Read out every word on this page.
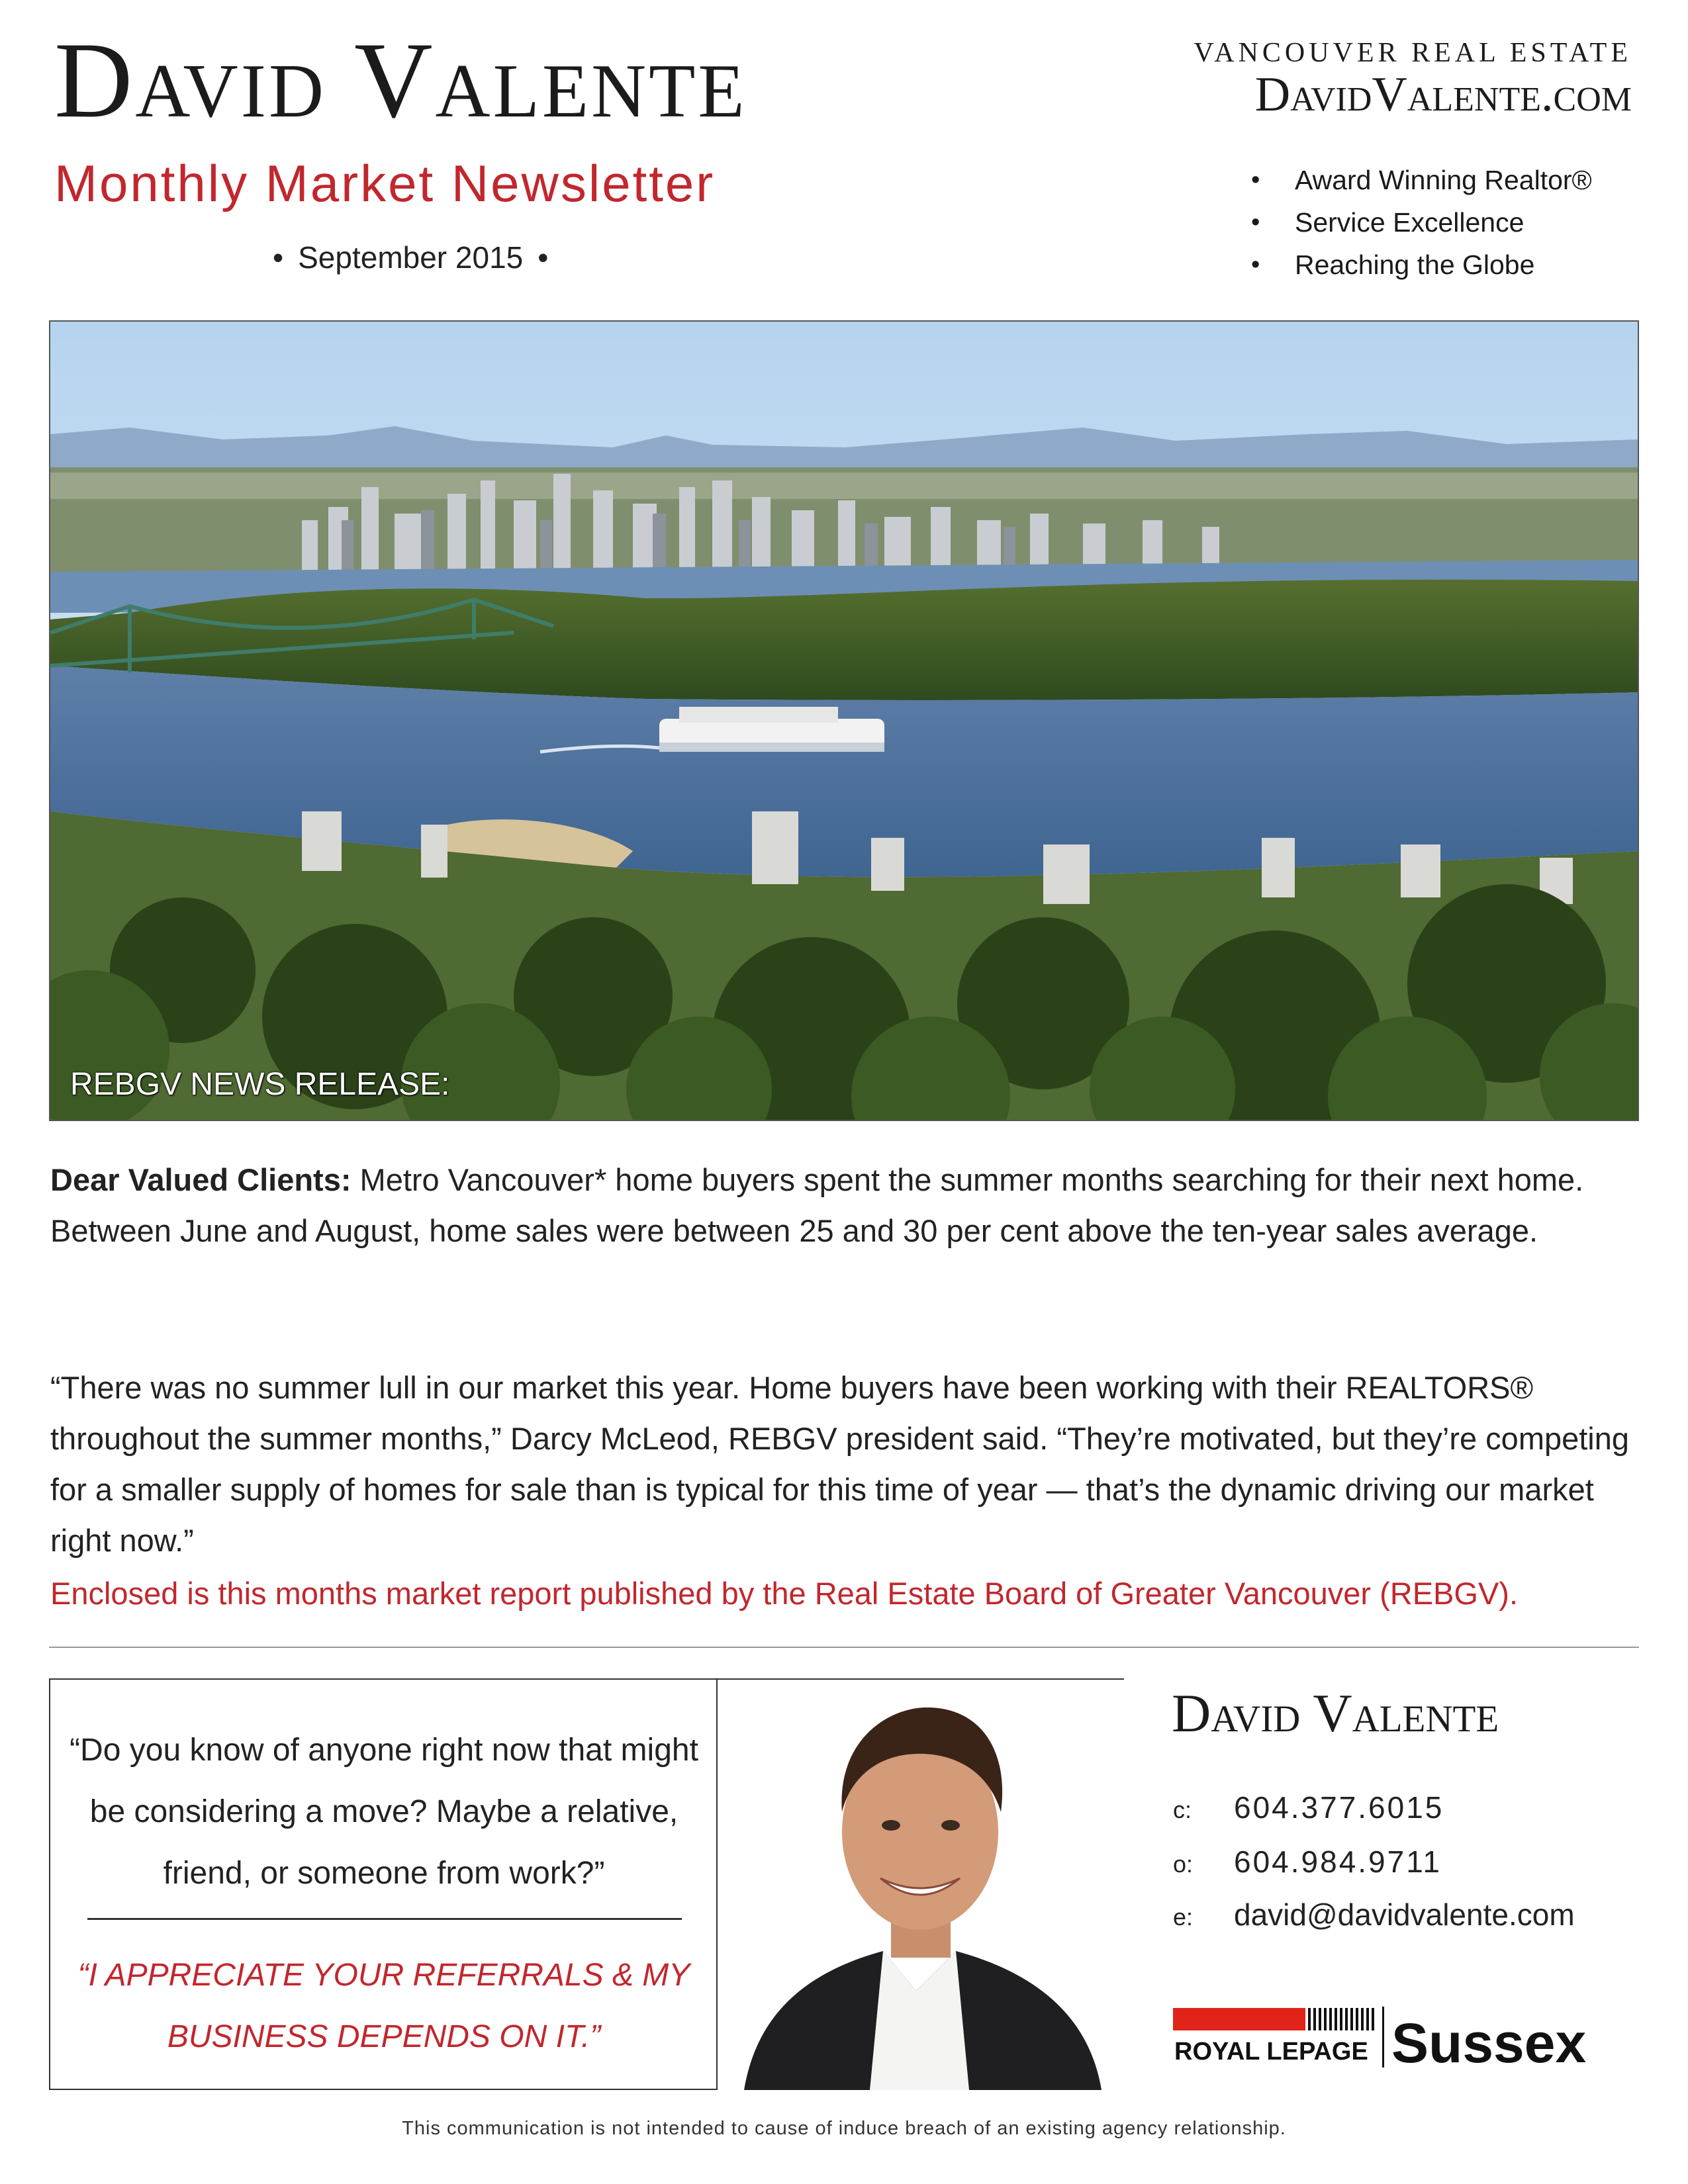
David Valente	VANCOUVER REAL ESTATE
DavidValente.com
Monthly Market Newsletter
• September 2015 •
• Award Winning Realtor®
• Service Excellence
• Reaching the Globe
REBGV NEWS RELEASE:
Dear Valued Clients: Metro Vancouver* home buyers spent the summer months searching for their next home. Between June and August, home sales were between 25 and 30 per cent above the ten-year sales average.
“There was no summer lull in our market this year. Home buyers have been working with their REALTORS® throughout the summer months,” Darcy McLeod, REBGV president said. “They’re motivated, but they’re competing for a smaller supply of homes for sale than is typical for this time of year — that’s the dynamic driving our market right now.”
Enclosed is this months market report published by the Real Estate Board of Greater Vancouver (REBGV).
“Do you know of anyone right now that might be considering a move? Maybe a relative, friend, or someone from work?”
“I APPRECIATE YOUR REFERRALS & MY BUSINESS DEPENDS ON IT.”
David Valente
c: 604.377.6015
o: 604.984.9711
e: david@davidvalente.com
ROYAL LEPAGE Sussex
This communication is not intended to cause of induce breach of an existing agency relationship.
